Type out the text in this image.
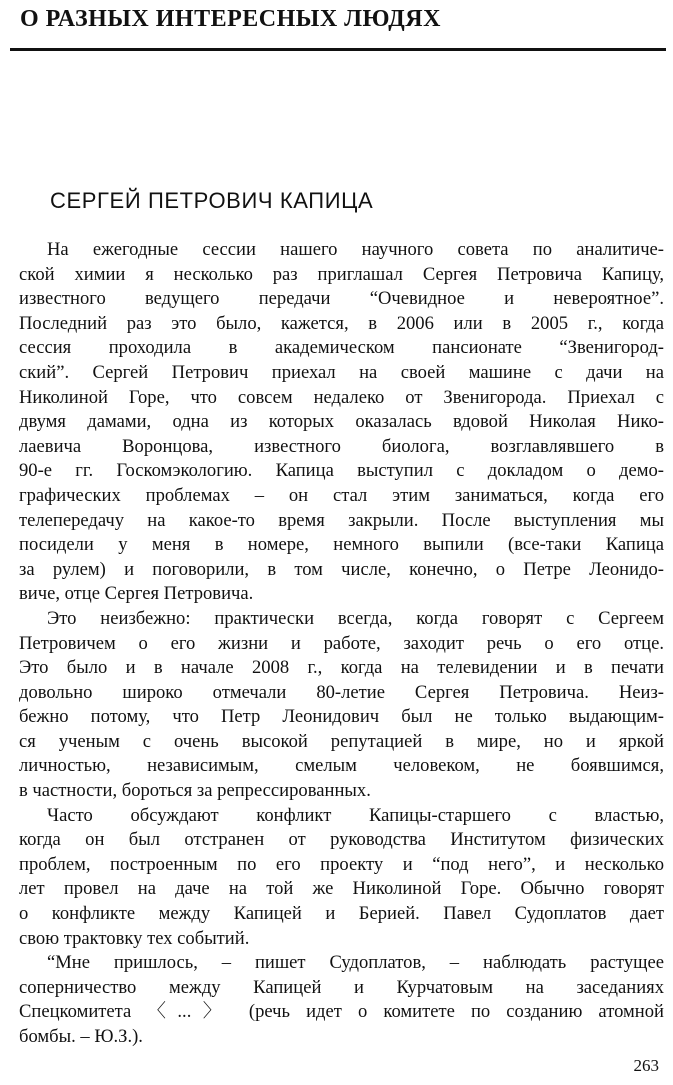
О РАЗНЫХ ИНТЕРЕСНЫХ ЛЮДЯХ
СЕРГЕЙ ПЕТРОВИЧ КАПИЦА
На ежегодные сессии нашего научного совета по аналитиче-
ской химии я несколько раз приглашал Сергея Петровича Капицу,
известного ведущего передачи “Очевидное и невероятное”.
Последний раз это было, кажется, в 2006 или в 2005 г., когда
сессия проходила в академическом пансионате “Звенигород-
ский”. Сергей Петрович приехал на своей машине с дачи на
Николиной Горе, что совсем недалеко от Звенигорода. Приехал с
двумя дамами, одна из которых оказалась вдовой Николая Нико-
лаевича Воронцова, известного биолога, возглавлявшего в
90-е гг. Госкомэкологию. Капица выступил с докладом о демо-
графических проблемах – он стал этим заниматься, когда его
телепередачу на какое-то время закрыли. После выступления мы
посидели у меня в номере, немного выпили (все-таки Капица
за рулем) и поговорили, в том числе, конечно, о Петре Леонидо-
виче, отце Сергея Петровича.
Это неизбежно: практически всегда, когда говорят с Сергеем
Петровичем о его жизни и работе, заходит речь о его отце.
Это было и в начале 2008 г., когда на телевидении и в печати
довольно широко отмечали 80-летие Сергея Петровича. Неиз-
бежно потому, что Петр Леонидович был не только выдающим-
ся ученым с очень высокой репутацией в мире, но и яркой
личностью, независимым, смелым человеком, не боявшимся,
в частности, бороться за репрессированных.
Часто обсуждают конфликт Капицы-старшего с властью,
когда он был отстранен от руководства Институтом физических
проблем, построенным по его проекту и “под него”, и несколько
лет провел на даче на той же Николиной Горе. Обычно говорят
о конфликте между Капицей и Берией. Павел Судоплатов дает
свою трактовку тех событий.
“Мне пришлось, – пишет Судоплатов, – наблюдать растущее
соперничество между Капицей и Курчатовым на заседаниях
Спецкомитета 〈...〉 (речь идет о комитете по созданию атомной
бомбы. – Ю.З.).
263
